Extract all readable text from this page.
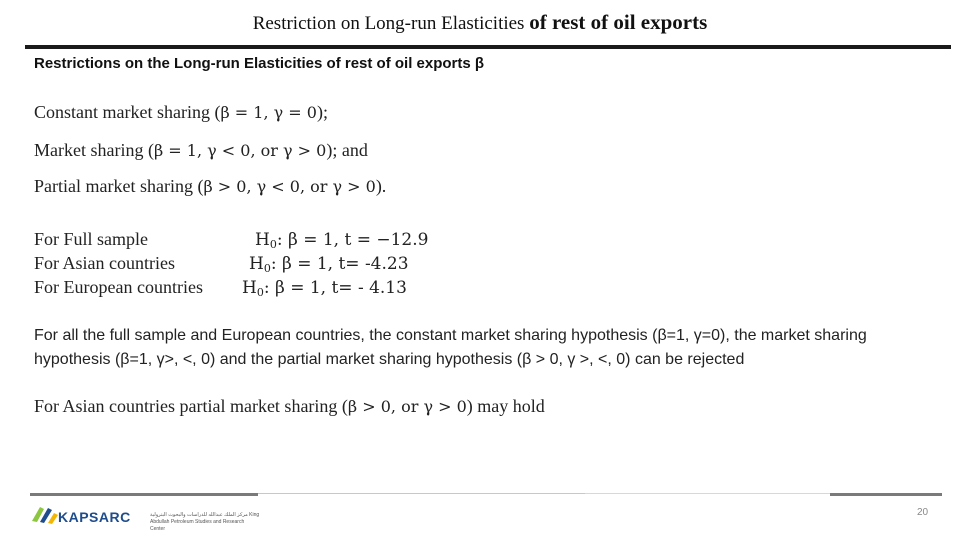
Restriction on Long-run Elasticities of rest of oil exports
Restrictions on the Long-run Elasticities of rest of oil exports β
Constant market sharing (β = 1, γ = 0);
Market sharing (β = 1, γ < 0, or γ > 0); and
Partial market sharing (β > 0, γ < 0, or γ > 0).
For Full sample	$H_0$: β = 1, t = −12.9
For Asian countries	$H_0$: β = 1, t= -4.23
For European countries $H_0$: β = 1, t= - 4.13
For all the full sample and European countries, the constant market sharing hypothesis (β=1, γ=0), the market sharing hypothesis (β=1, γ>, <, 0) and the partial market sharing hypothesis (β > 0, γ >, <, 0) can be rejected
For Asian countries partial market sharing (β > 0, or γ > 0) may hold
KAPSARC	مركز الملك عبدالله للدراسات والبحوث البترولية King Abdullah Petroleum Studies and Research Center
20
